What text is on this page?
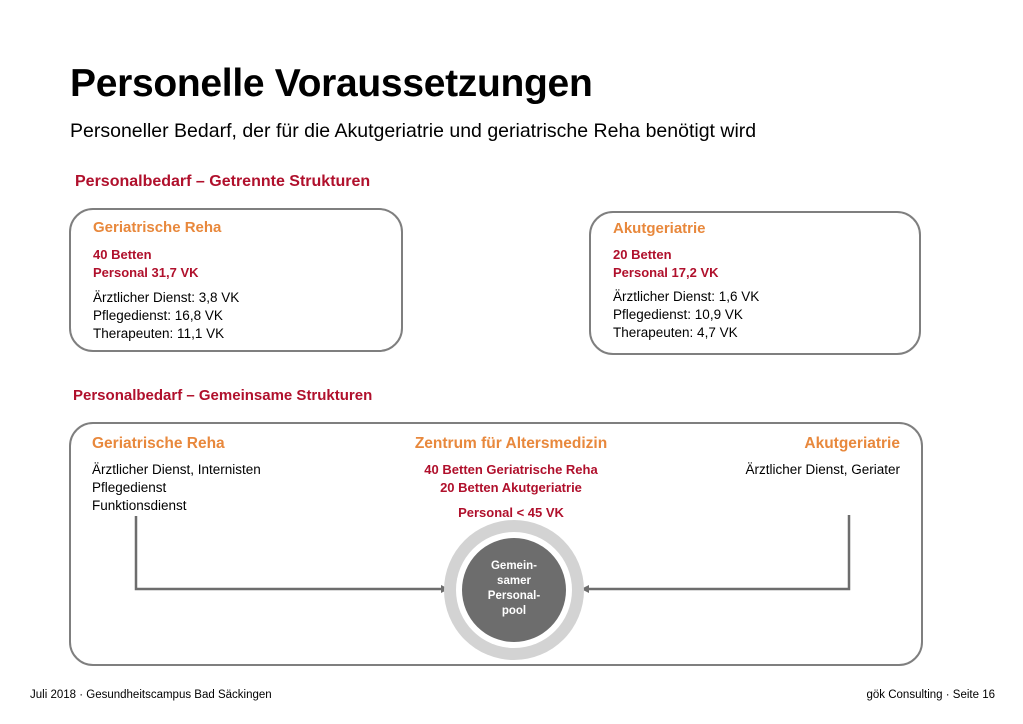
Personelle Voraussetzungen
Personeller Bedarf, der für die Akutgeriatrie und geriatrische Reha benötigt wird
Personalbedarf – Getrennte Strukturen
Geriatrische Reha
40 Betten
Personal 31,7 VK
Ärztlicher Dienst: 3,8 VK
Pflegedienst: 16,8 VK
Therapeuten: 11,1 VK
Akutgeriatrie
20 Betten
Personal 17,2 VK
Ärztlicher Dienst: 1,6 VK
Pflegedienst: 10,9 VK
Therapeuten: 4,7 VK
Personalbedarf – Gemeinsame Strukturen
Geriatrische Reha
Ärztlicher Dienst, Internisten
Pflegedienst
Funktionsdienst
Zentrum für Altersmedizin
40 Betten Geriatrische Reha
20 Betten Akutgeriatrie
Personal < 45 VK
Gemein-
samer
Personal-
pool
Akutgeriatrie
Ärztlicher Dienst, Geriater
Juli 2018 · Gesundheitscampus Bad Säckingen	gök Consulting · Seite 16
